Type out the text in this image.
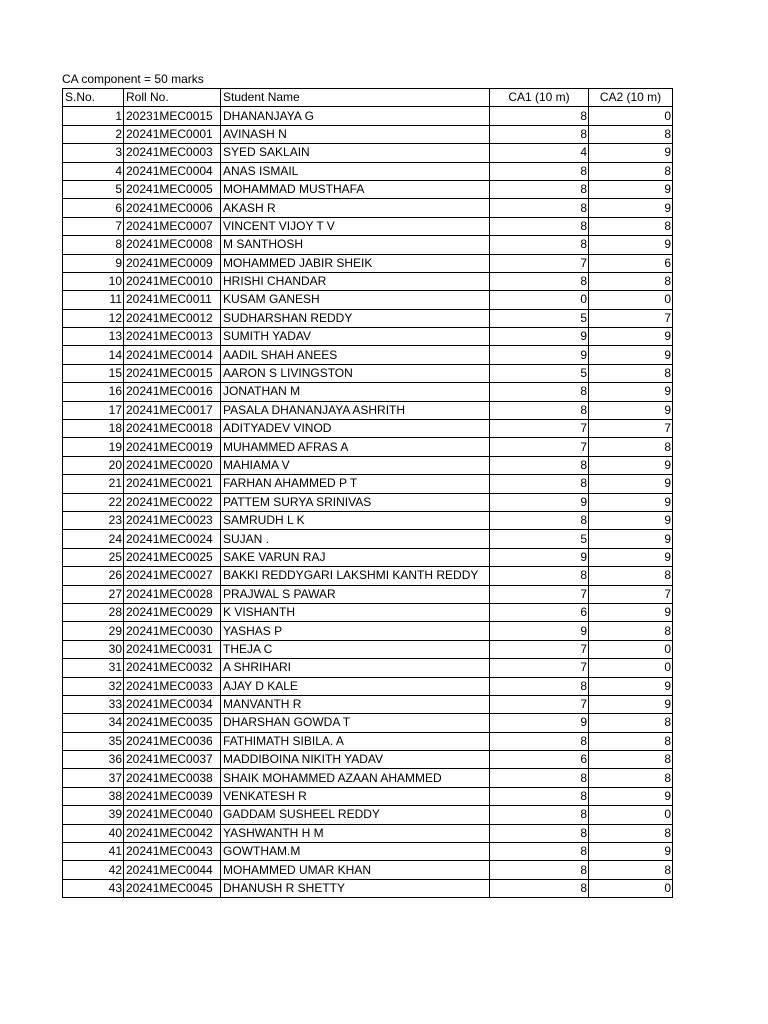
CA component = 50 marks
S.No.	Roll No.	Student Name	CA1 (10 m)	CA2 (10 m)
1	20231MEC0015	DHANANJAYA G	8	0
2	20241MEC0001	AVINASH N	8	8
3	20241MEC0003	SYED SAKLAIN	4	9
4	20241MEC0004	ANAS ISMAIL	8	8
5	20241MEC0005	MOHAMMAD MUSTHAFA	8	9
6	20241MEC0006	AKASH R	8	9
7	20241MEC0007	VINCENT VIJOY T V	8	8
8	20241MEC0008	M SANTHOSH	8	9
9	20241MEC0009	MOHAMMED JABIR SHEIK	7	6
10	20241MEC0010	HRISHI CHANDAR	8	8
11	20241MEC0011	KUSAM GANESH	0	0
12	20241MEC0012	SUDHARSHAN REDDY	5	7
13	20241MEC0013	SUMITH YADAV	9	9
14	20241MEC0014	AADIL SHAH ANEES	9	9
15	20241MEC0015	AARON S LIVINGSTON	5	8
16	20241MEC0016	JONATHAN M	8	9
17	20241MEC0017	PASALA DHANANJAYA ASHRITH	8	9
18	20241MEC0018	ADITYADEV VINOD	7	7
19	20241MEC0019	MUHAMMED AFRAS A	7	8
20	20241MEC0020	MAHIAMA V	8	9
21	20241MEC0021	FARHAN AHAMMED P T	8	9
22	20241MEC0022	PATTEM SURYA SRINIVAS	9	9
23	20241MEC0023	SAMRUDH L K	8	9
24	20241MEC0024	SUJAN .	5	9
25	20241MEC0025	SAKE VARUN RAJ	9	9
26	20241MEC0027	BAKKI REDDYGARI LAKSHMI KANTH REDDY	8	8
27	20241MEC0028	PRAJWAL S PAWAR	7	7
28	20241MEC0029	K VISHANTH	6	9
29	20241MEC0030	YASHAS P	9	8
30	20241MEC0031	THEJA C	7	0
31	20241MEC0032	A SHRIHARI	7	0
32	20241MEC0033	AJAY D KALE	8	9
33	20241MEC0034	MANVANTH R	7	9
34	20241MEC0035	DHARSHAN GOWDA T	9	8
35	20241MEC0036	FATHIMATH SIBILA. A	8	8
36	20241MEC0037	MADDIBOINA NIKITH YADAV	6	8
37	20241MEC0038	SHAIK MOHAMMED AZAAN AHAMMED	8	8
38	20241MEC0039	VENKATESH R	8	9
39	20241MEC0040	GADDAM SUSHEEL REDDY	8	0
40	20241MEC0042	YASHWANTH H M	8	8
41	20241MEC0043	GOWTHAM.M	8	9
42	20241MEC0044	MOHAMMED UMAR KHAN	8	8
43	20241MEC0045	DHANUSH R SHETTY	8	0
